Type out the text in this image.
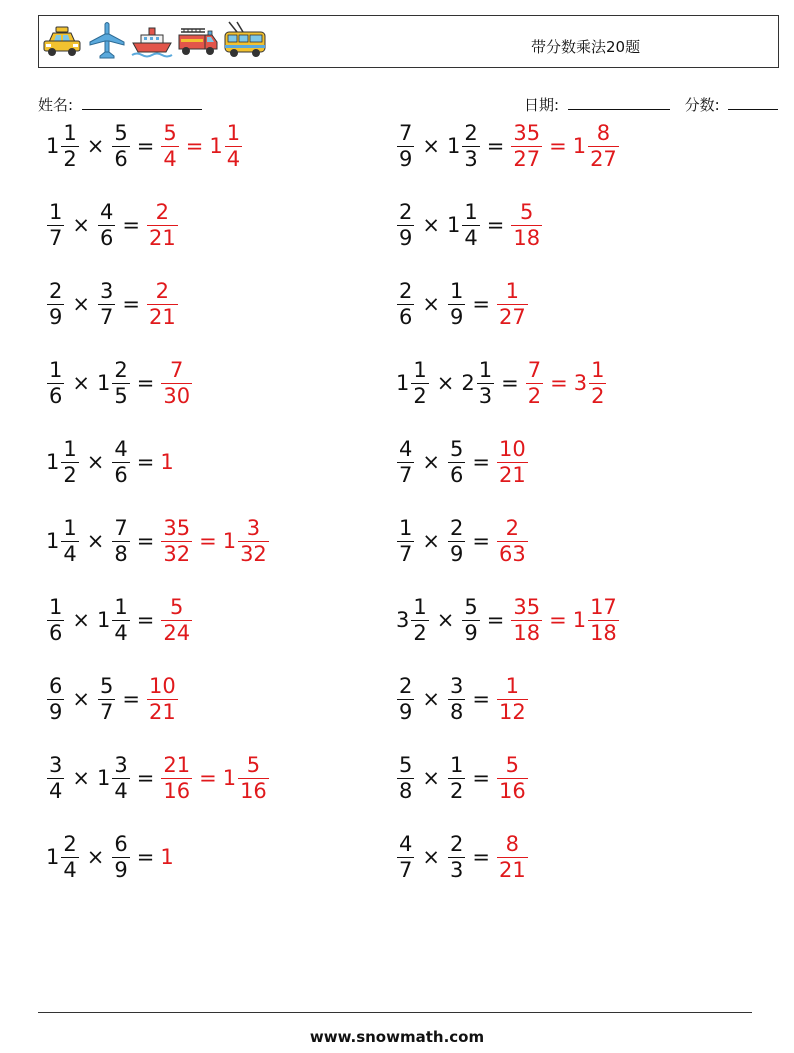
带分数乘法20题
姓名:	日期:	分数:
$1 \frac{1}{2} \times \frac{5}{6} = \frac{5}{4} = 1 \frac{1}{4}$	$\frac{7}{9} \times 1 \frac{2}{3} = \frac{35}{27} = 1 \frac{8}{27}$
$\frac{1}{7} \times \frac{4}{6} = \frac{2}{21}$	$\frac{2}{9} \times 1 \frac{1}{4} = \frac{5}{18}$
$\frac{2}{9} \times \frac{3}{7} = \frac{2}{21}$	$\frac{2}{6} \times \frac{1}{9} = \frac{1}{27}$
$\frac{1}{6} \times 1 \frac{2}{5} = \frac{7}{30}$	$1 \frac{1}{2} \times 2 \frac{1}{3} = \frac{7}{2} = 3 \frac{1}{2}$
$1 \frac{1}{2} \times \frac{4}{6} = 1$	$\frac{4}{7} \times \frac{5}{6} = \frac{10}{21}$
$1 \frac{1}{4} \times \frac{7}{8} = \frac{35}{32} = 1 \frac{3}{32}$	$\frac{1}{7} \times \frac{2}{9} = \frac{2}{63}$
$\frac{1}{6} \times 1 \frac{1}{4} = \frac{5}{24}$	$3 \frac{1}{2} \times \frac{5}{9} = \frac{35}{18} = 1 \frac{17}{18}$
$\frac{6}{9} \times \frac{5}{7} = \frac{10}{21}$	$\frac{2}{9} \times \frac{3}{8} = \frac{1}{12}$
$\frac{3}{4} \times 1 \frac{3}{4} = \frac{21}{16} = 1 \frac{5}{16}$	$\frac{5}{8} \times \frac{1}{2} = \frac{5}{16}$
$1 \frac{2}{4} \times \frac{6}{9} = 1$	$\frac{4}{7} \times \frac{2}{3} = \frac{8}{21}$
www.snowmath.com
